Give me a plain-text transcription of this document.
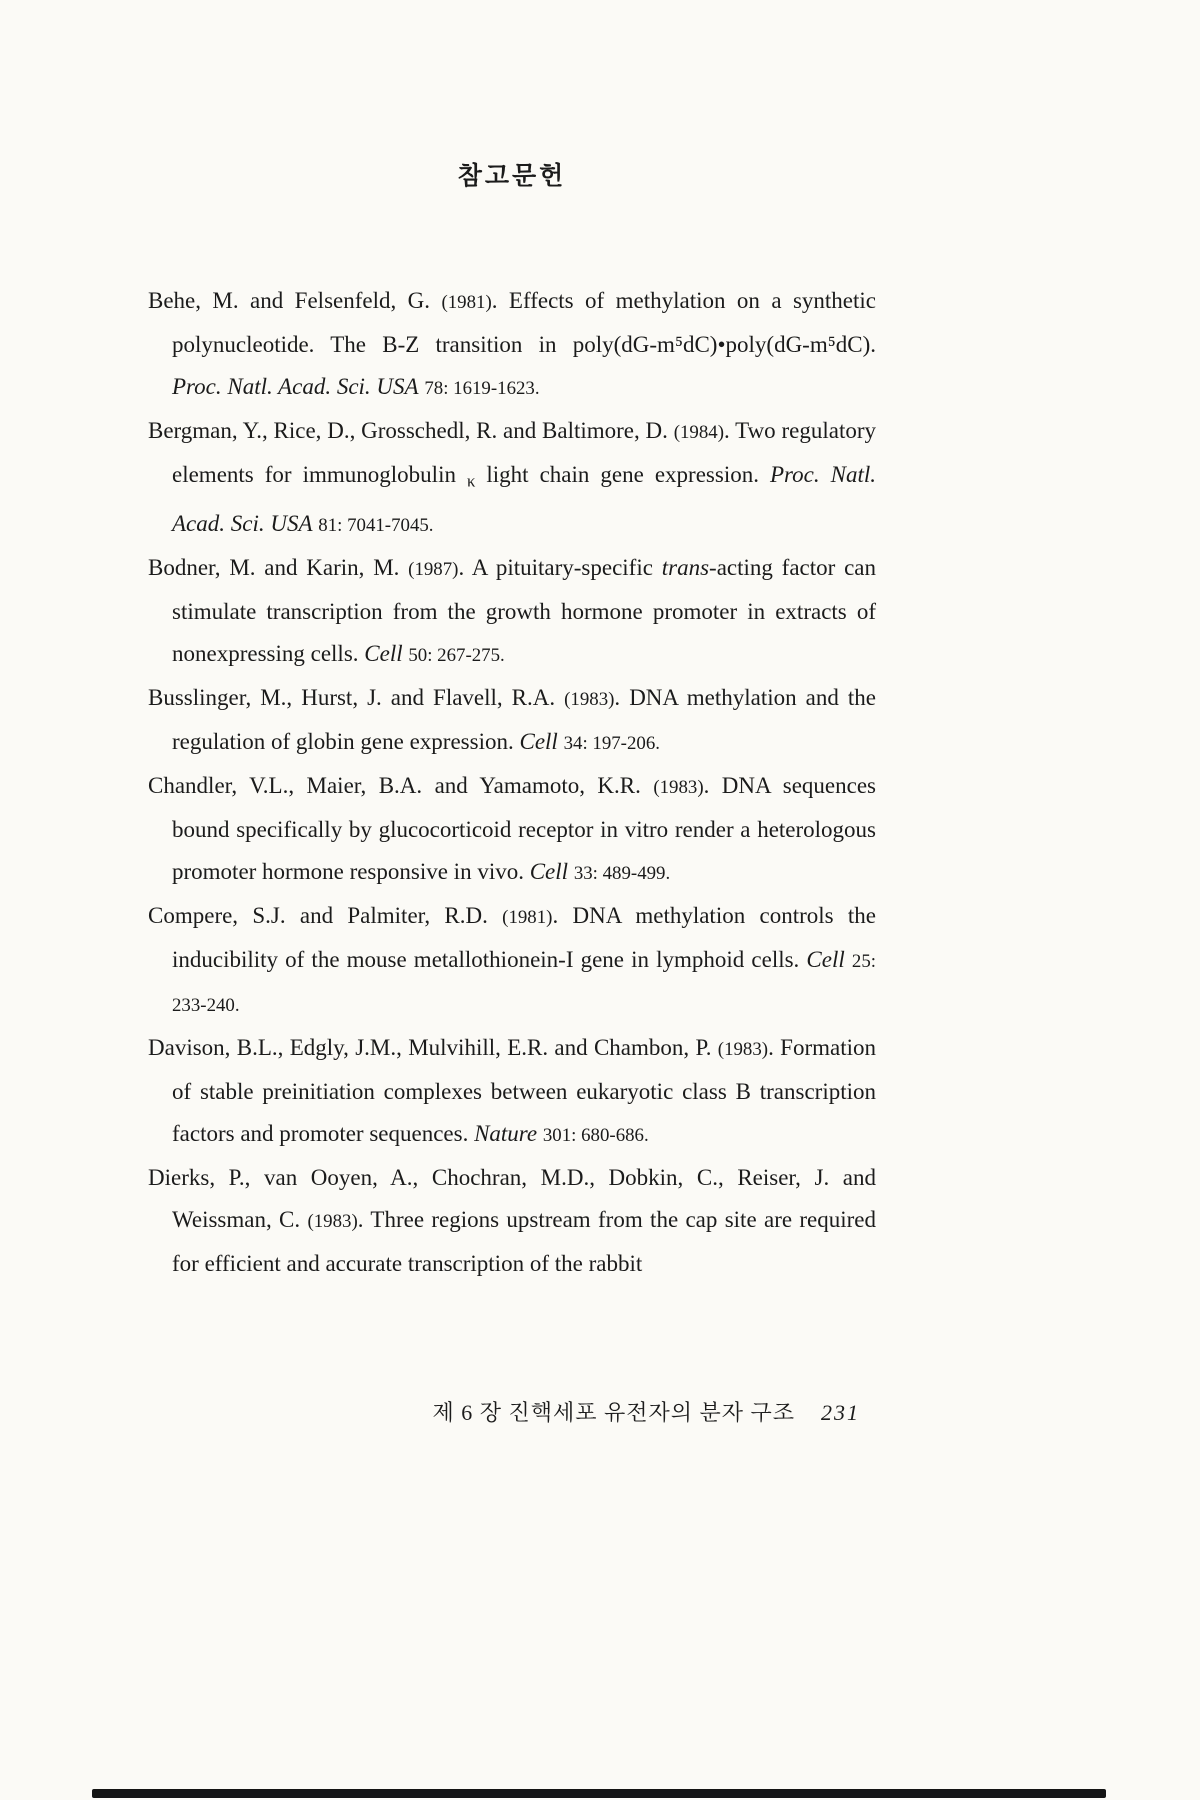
참고문헌

Behe, M. and Felsenfeld, G. (1981). Effects of methylation on a synthetic polynucleotide. The B-Z transition in poly(dG-m⁵dC)•poly(dG-m⁵dC). Proc. Natl. Acad. Sci. USA 78: 1619-1623.

Bergman, Y., Rice, D., Grosschedl, R. and Baltimore, D. (1984). Two regulatory elements for immunoglobulin $_\kappa$ light chain gene expression. Proc. Natl. Acad. Sci. USA 81: 7041-7045.

Bodner, M. and Karin, M. (1987). A pituitary-specific trans-acting factor can stimulate transcription from the growth hormone promoter in extracts of nonexpressing cells. Cell 50: 267-275.

Busslinger, M., Hurst, J. and Flavell, R.A. (1983). DNA methylation and the regulation of globin gene expression. Cell 34: 197-206.

Chandler, V.L., Maier, B.A. and Yamamoto, K.R. (1983). DNA sequences bound specifically by glucocorticoid receptor in vitro render a heterologous promoter hormone responsive in vivo. Cell 33: 489-499.

Compere, S.J. and Palmiter, R.D. (1981). DNA methylation controls the inducibility of the mouse metallothionein-I gene in lymphoid cells. Cell 25: 233-240.

Davison, B.L., Edgly, J.M., Mulvihill, E.R. and Chambon, P. (1983). Formation of stable preinitiation complexes between eukaryotic class B transcription factors and promoter sequences. Nature 301: 680-686.

Dierks, P., van Ooyen, A., Chochran, M.D., Dobkin, C., Reiser, J. and Weissman, C. (1983). Three regions upstream from the cap site are required for efficient and accurate transcription of the rabbit

제 6 장 진핵세포 유전자의 분자 구조 231
